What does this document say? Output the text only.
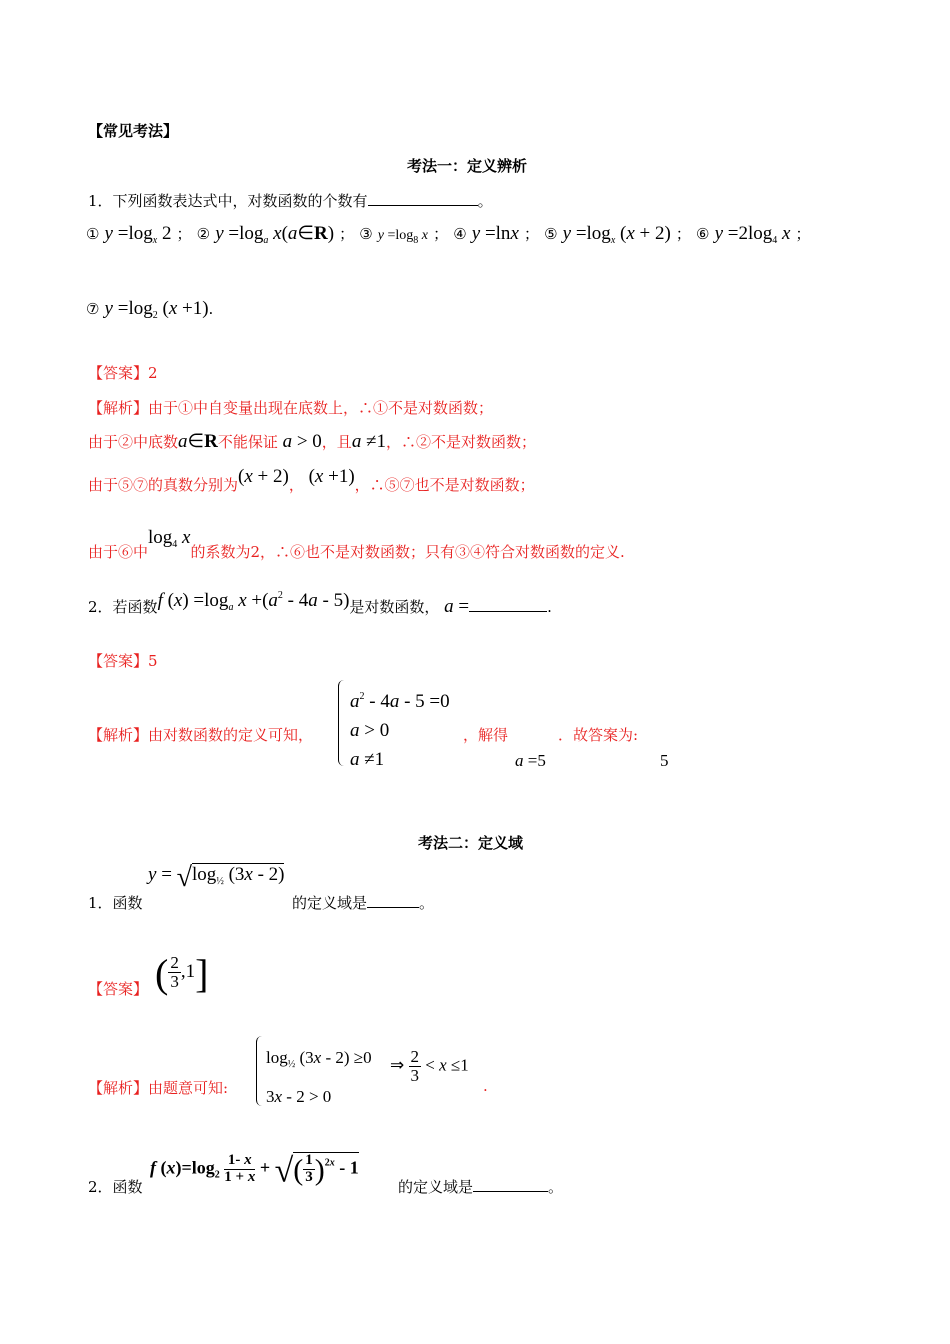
【常见考法】
考法一：定义辨析
1．下列函数表达式中，对数函数的个数有	。
① $y =\log_x$ 2 ； ② $y =\log_a$ x(a∈R) ； ③ $y =\log_8$ x ； ④ y =lnx ； ⑤ $y =\log_x$ (x + 2) ； ⑥ $y =2\log_4$ x ；
⑦ $y =\log_2$ (x +1).
【答案】2
【解析】由于①中自变量出现在底数上，∴①不是对数函数；
由于②中底数a∈R不能保证 a > 0，且a ≠1，∴②不是对数函数；
由于⑤⑦的真数分别为(x + 2)， (x +1)，∴⑤⑦也不是对数函数；
由于⑥中$\log_4 x$的系数为2，∴⑥也不是对数函数；只有③④符合对数函数的定义.
2．若函数f $(x) =\log_a$ $x +(a^2 - 4a - 5)$是对数函数， a =	.
【答案】5
【解析】由对数函数的定义可知，
$a^2 - 4a - 5 =0$
a > 0
a ≠1
，解得	．故答案为:
a =5	5
考法二：定义域
1．函数
$y = √\log_{\frac{1}{2}}$ (3x - 2)
的定义域是	。
【答案】 ( $\frac{2}{3} ,1$]
【解析】由题意可知:
$\log_{\frac{1}{2}} (3x - 2) \ge 0$
3x - 2 > 0
⇒ $\frac{2}{3} < x \le 1$
.
2．函数
f $(x)=\log_2 \frac{1- x}{1 + x}$ + √( $\frac{1}{3} )^{2x} - 1$
的定义域是	。
